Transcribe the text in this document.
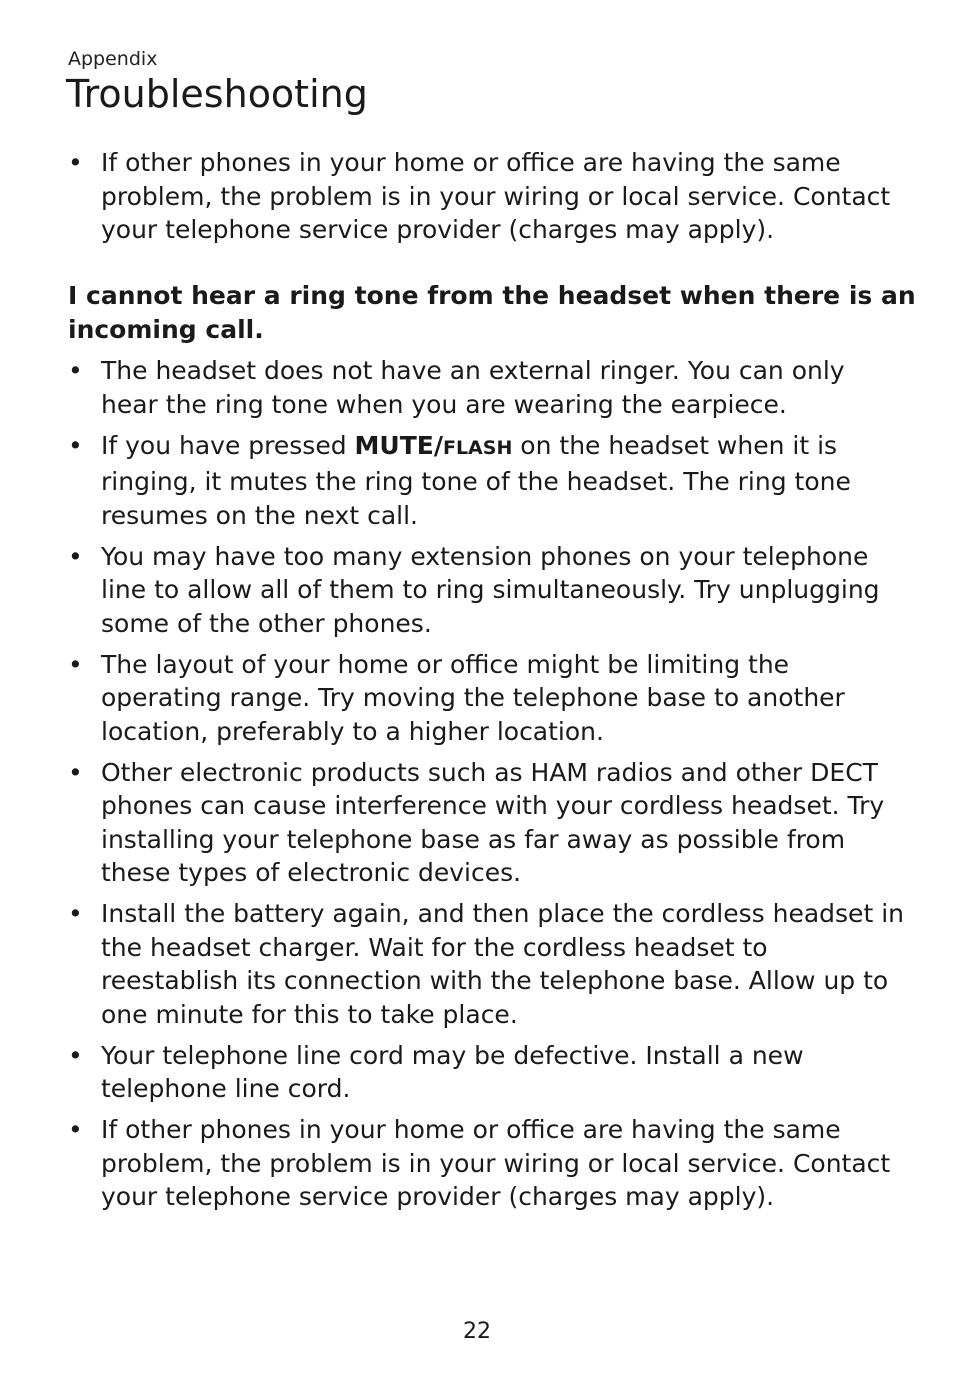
Appendix
Troubleshooting
• If other phones in your home or office are having the same problem, the problem is in your wiring or local service. Contact your telephone service provider (charges may apply).

I cannot hear a ring tone from the headset when there is an incoming call.

• The headset does not have an external ringer. You can only hear the ring tone when you are wearing the earpiece.
• If you have pressed MUTE/FLASH on the headset when it is ringing, it mutes the ring tone of the headset. The ring tone resumes on the next call.
• You may have too many extension phones on your telephone line to allow all of them to ring simultaneously. Try unplugging some of the other phones.
• The layout of your home or office might be limiting the operating range. Try moving the telephone base to another location, preferably to a higher location.
• Other electronic products such as HAM radios and other DECT phones can cause interference with your cordless headset. Try installing your telephone base as far away as possible from these types of electronic devices.
• Install the battery again, and then place the cordless headset in the headset charger. Wait for the cordless headset to reestablish its connection with the telephone base. Allow up to one minute for this to take place.
• Your telephone line cord may be defective. Install a new telephone line cord.
• If other phones in your home or office are having the same problem, the problem is in your wiring or local service. Contact your telephone service provider (charges may apply).
22
